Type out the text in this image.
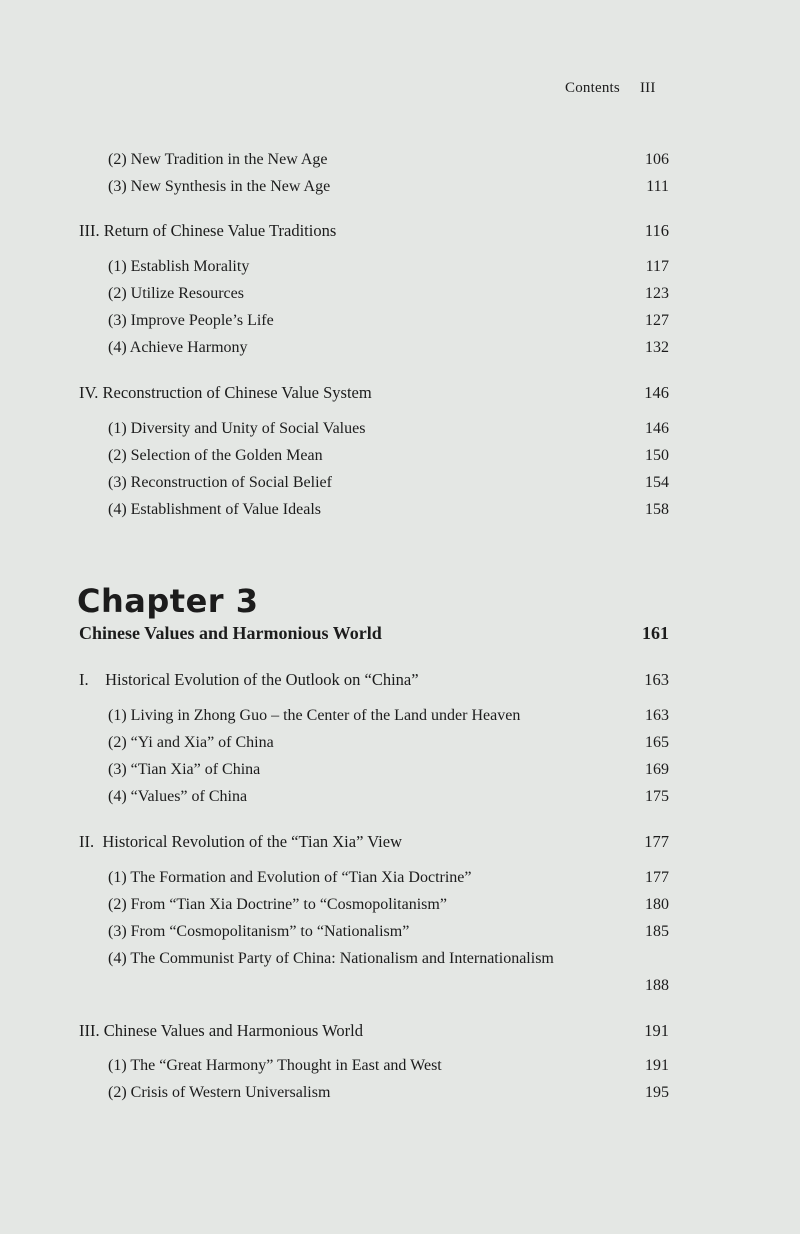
Contents III
(2) New Tradition in the New Age	106
(3) New Synthesis in the New Age	111
III. Return of Chinese Value Traditions	116
(1) Establish Morality	117
(2) Utilize Resources	123
(3) Improve People’s Life	127
(4) Achieve Harmony	132
IV. Reconstruction of Chinese Value System	146
(1) Diversity and Unity of Social Values	146
(2) Selection of the Golden Mean	150
(3) Reconstruction of Social Belief	154
(4) Establishment of Value Ideals	158
Chapter 3
Chinese Values and Harmonious World	161
I.    Historical Evolution of the Outlook on “China”	163
(1) Living in Zhong Guo – the Center of the Land under Heaven	163
(2) “Yi and Xia” of China	165
(3) “Tian Xia” of China	169
(4) “Values” of China	175
II.  Historical Revolution of the “Tian Xia” View	177
(1) The Formation and Evolution of “Tian Xia Doctrine”	177
(2) From “Tian Xia Doctrine” to “Cosmopolitanism”	180
(3) From “Cosmopolitanism” to “Nationalism”	185
(4) The Communist Party of China: Nationalism and Internationalism
188
III. Chinese Values and Harmonious World	191
(1) The “Great Harmony” Thought in East and West	191
(2) Crisis of Western Universalism	195
